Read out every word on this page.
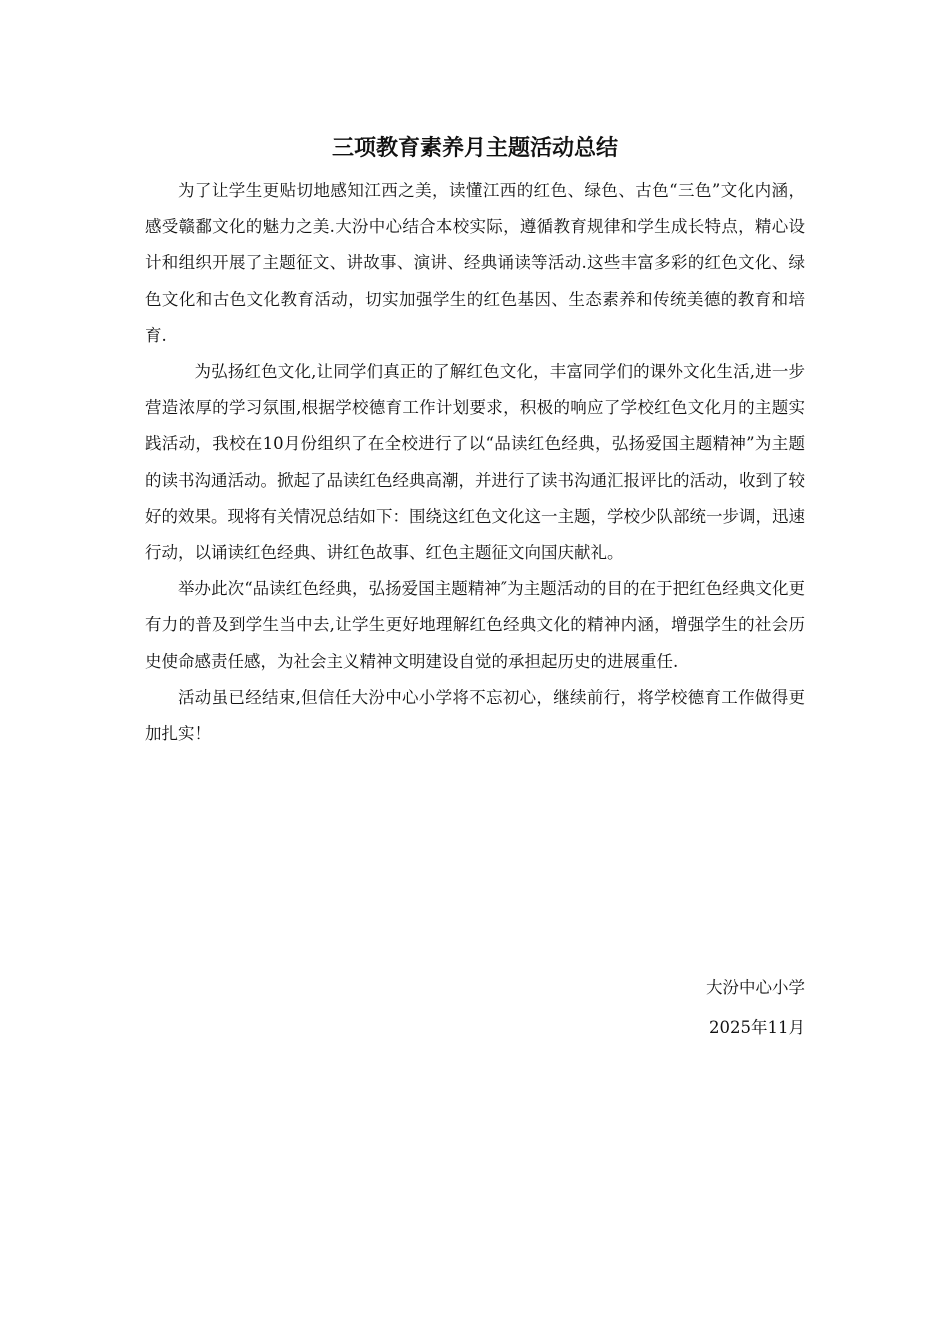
三项教育素养月主题活动总结

为了让学生更贴切地感知江西之美，读懂江西的红色、绿色、古色“三色”文化内涵，感受赣鄱文化的魅力之美.大汾中心结合本校实际，遵循教育规律和学生成长特点，精心设计和组织开展了主题征文、讲故事、演讲、经典诵读等活动.这些丰富多彩的红色文化、绿色文化和古色文化教育活动，切实加强学生的红色基因、生态素养和传统美德的教育和培育.

为弘扬红色文化,让同学们真正的了解红色文化，丰富同学们的课外文化生活,进一步营造浓厚的学习氛围,根据学校德育工作计划要求，积极的响应了学校红色文化月的主题实践活动，我校在10月份组织了在全校进行了以“品读红色经典，弘扬爱国主题精神”为主题的读书沟通活动。掀起了品读红色经典高潮，并进行了读书沟通汇报评比的活动，收到了较好的效果。现将有关情况总结如下：围绕这红色文化这一主题，学校少队部统一步调，迅速行动，以诵读红色经典、讲红色故事、红色主题征文向国庆献礼。

举办此次“品读红色经典，弘扬爱国主题精神″为主题活动的目的在于把红色经典文化更有力的普及到学生当中去,让学生更好地理解红色经典文化的精神内涵，增强学生的社会历史使命感责任感，为社会主义精神文明建设自觉的承担起历史的进展重任.

活动虽已经结束,但信任大汾中心小学将不忘初心，继续前行，将学校德育工作做得更加扎实！

大汾中心小学
2025年11月
